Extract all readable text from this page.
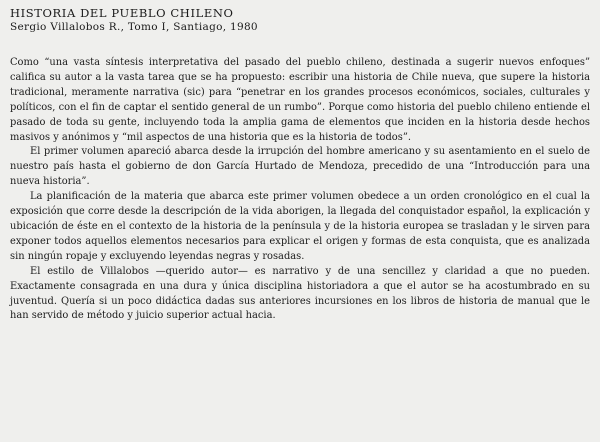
HISTORIA DEL PUEBLO CHILENO
Sergio Villalobos R., Tomo I, Santiago, 1980

Como “una vasta síntesis interpretativa del pasado del pueblo chileno, destinada a sugerir nuevos enfoques” califica su autor a la vasta tarea que se ha propuesto: escribir una historia de Chile nueva, que supere la historia tradicional, meramente narrativa (sic) para “penetrar en los grandes procesos económicos, sociales, culturales y políticos, con el fin de captar el sentido general de un rumbo”. Porque como historia del pueblo chileno entiende el pasado de toda su gente, incluyendo toda la amplia gama de elementos que inciden en la historia desde hechos masivos y anónimos y “mil aspectos de una historia que es la historia de todos”.

El primer volumen apareció abarca desde la irrupción del hombre americano y su asentamiento en el suelo de nuestro país hasta el gobierno de don García Hurtado de Mendoza, precedido de una “Introducción para una nueva historia”.

La planificación de la materia que abarca este primer volumen obedece a un orden cronológico en el cual la exposición que corre desde la descripción de la vida aborigen, la llegada del conquistador español, la explicación y ubicación de éste en el contexto de la historia de la península y de la historia europea se trasladan y le sirven para exponer todos aquellos elementos necesarios para explicar el origen y formas de esta conquista, que es analizada sin ningún ropaje y excluyendo leyendas negras y rosadas.

El estilo de Villalobos —querido autor— es narrativo y de una sencillez y claridad a que no pueden. Exactamente consagrada en una dura y única disciplina historiadora a que el autor se ha acostumbrado en su juventud. Quería si un poco didáctica dadas sus anteriores incursiones en los libros de historia de manual que le han servido de método y juicio superior actual hacia.
